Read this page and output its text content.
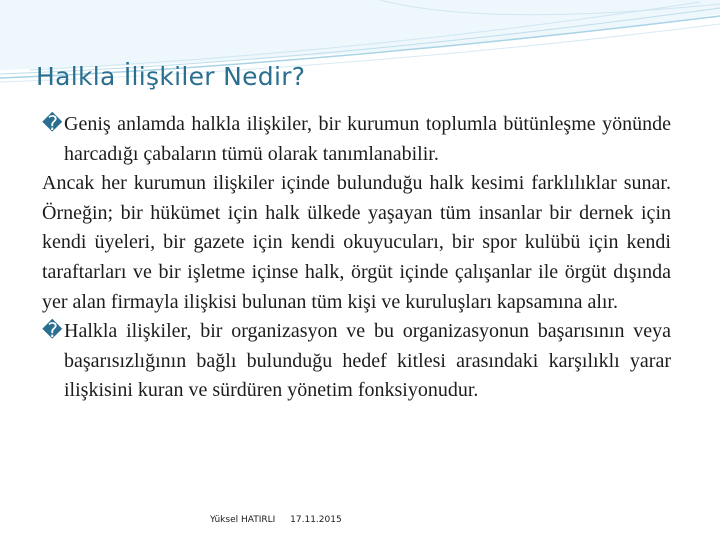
Halkla İlişkiler Nedir?

�Geniş anlamda halkla ilişkiler, bir kurumun toplumla bütünleşme yönünde harcadığı çabaların tümü olarak tanımlanabilir.

Ancak her kurumun ilişkiler içinde bulunduğu halk kesimi farklılıklar sunar. Örneğin; bir hükümet için halk ülkede yaşayan tüm insanlar bir dernek için kendi üyeleri, bir gazete için kendi okuyucuları, bir spor kulübü için kendi taraftarları ve bir işletme içinse halk, örgüt içinde çalışanlar ile örgüt dışında yer alan firmayla ilişkisi bulunan tüm kişi ve kuruluşları kapsamına alır.

�Halkla ilişkiler, bir organizasyon ve bu organizasyonun başarısının veya başarısızlığının bağlı bulunduğu hedef kitlesi arasındaki karşılıklı yarar ilişkisini kuran ve sürdüren yönetim fonksiyonudur.

Yüksel HATIRLI 17.11.2015
